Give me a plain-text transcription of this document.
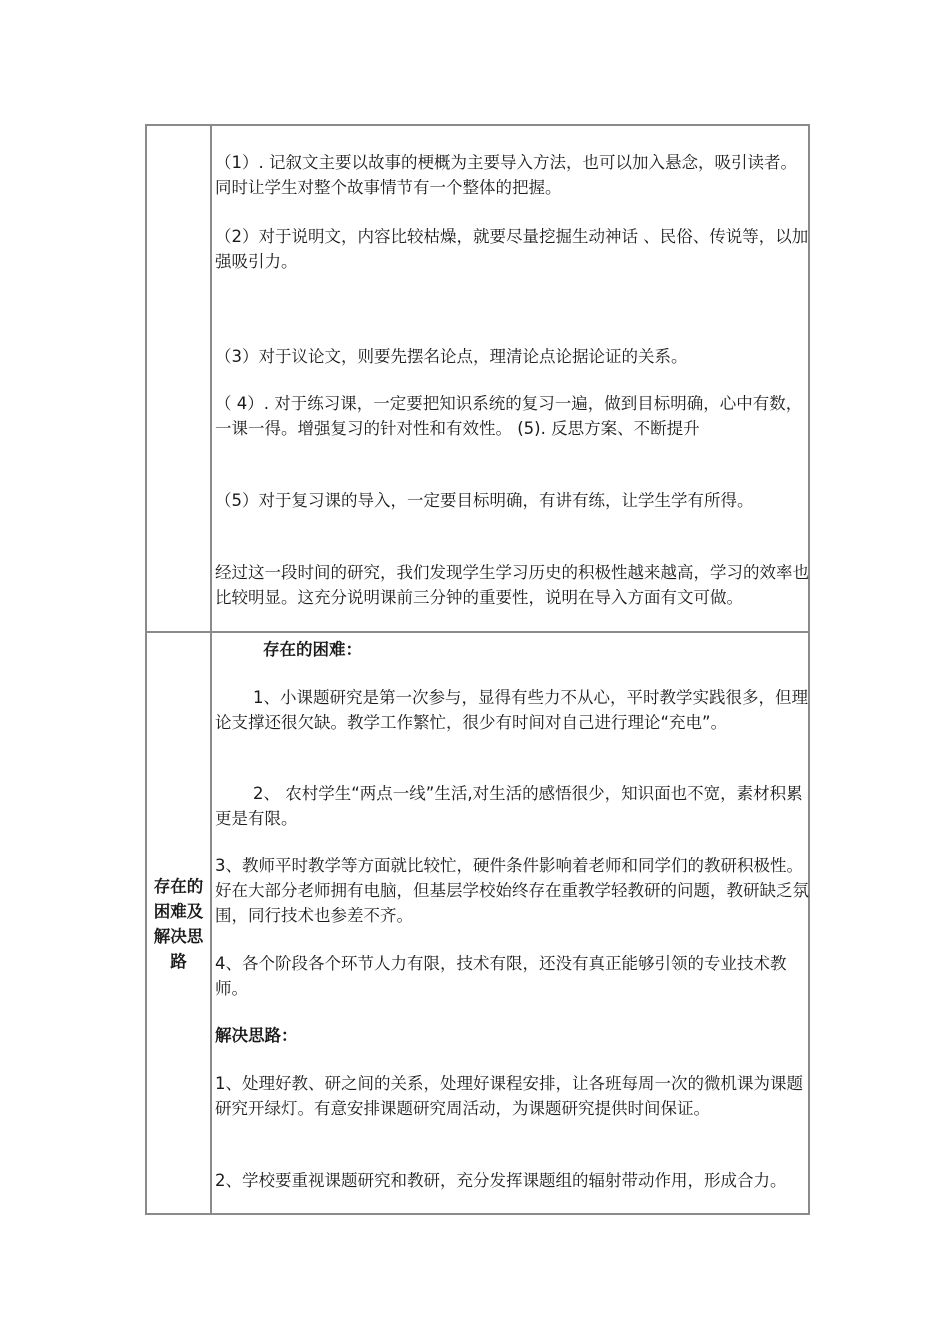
（1）. 记叙文主要以故事的梗概为主要导入方法，也可以加入悬念，吸引读者。同时让学生对整个故事情节有一个整体的把握。

（2）对于说明文，内容比较枯燥，就要尽量挖掘生动神话 、民俗、传说等，以加强吸引力。

（3）对于议论文，则要先摆名论点，理清论点论据论证的关系。

（ 4）. 对于练习课，一定要把知识系统的复习一遍，做到目标明确，心中有数，一课一得。增强复习的针对性和有效性。 (5). 反思方案、不断提升

（5）对于复习课的导入，一定要目标明确，有讲有练，让学生学有所得。

经过这一段时间的研究，我们发现学生学习历史的积极性越来越高，学习的效率也比较明显。这充分说明课前三分钟的重要性，说明在导入方面有文可做。

存在的
困难及
解决思
路

存在的困难：

1、小课题研究是第一次参与，显得有些力不从心，平时教学实践很多，但理论支撑还很欠缺。教学工作繁忙，很少有时间对自己进行理论“充电”。

2、 农村学生“两点一线”生活,对生活的感悟很少，知识面也不宽，素材积累更是有限。

3、教师平时教学等方面就比较忙，硬件条件影响着老师和同学们的教研积极性。好在大部分老师拥有电脑，但基层学校始终存在重教学轻教研的问题，教研缺乏氛围，同行技术也参差不齐。

4、各个阶段各个环节人力有限，技术有限，还没有真正能够引领的专业技术教师。

解决思路：

1、处理好教、研之间的关系，处理好课程安排，让各班每周一次的微机课为课题研究开绿灯。有意安排课题研究周活动，为课题研究提供时间保证。

2、学校要重视课题研究和教研，充分发挥课题组的辐射带动作用，形成合力。
